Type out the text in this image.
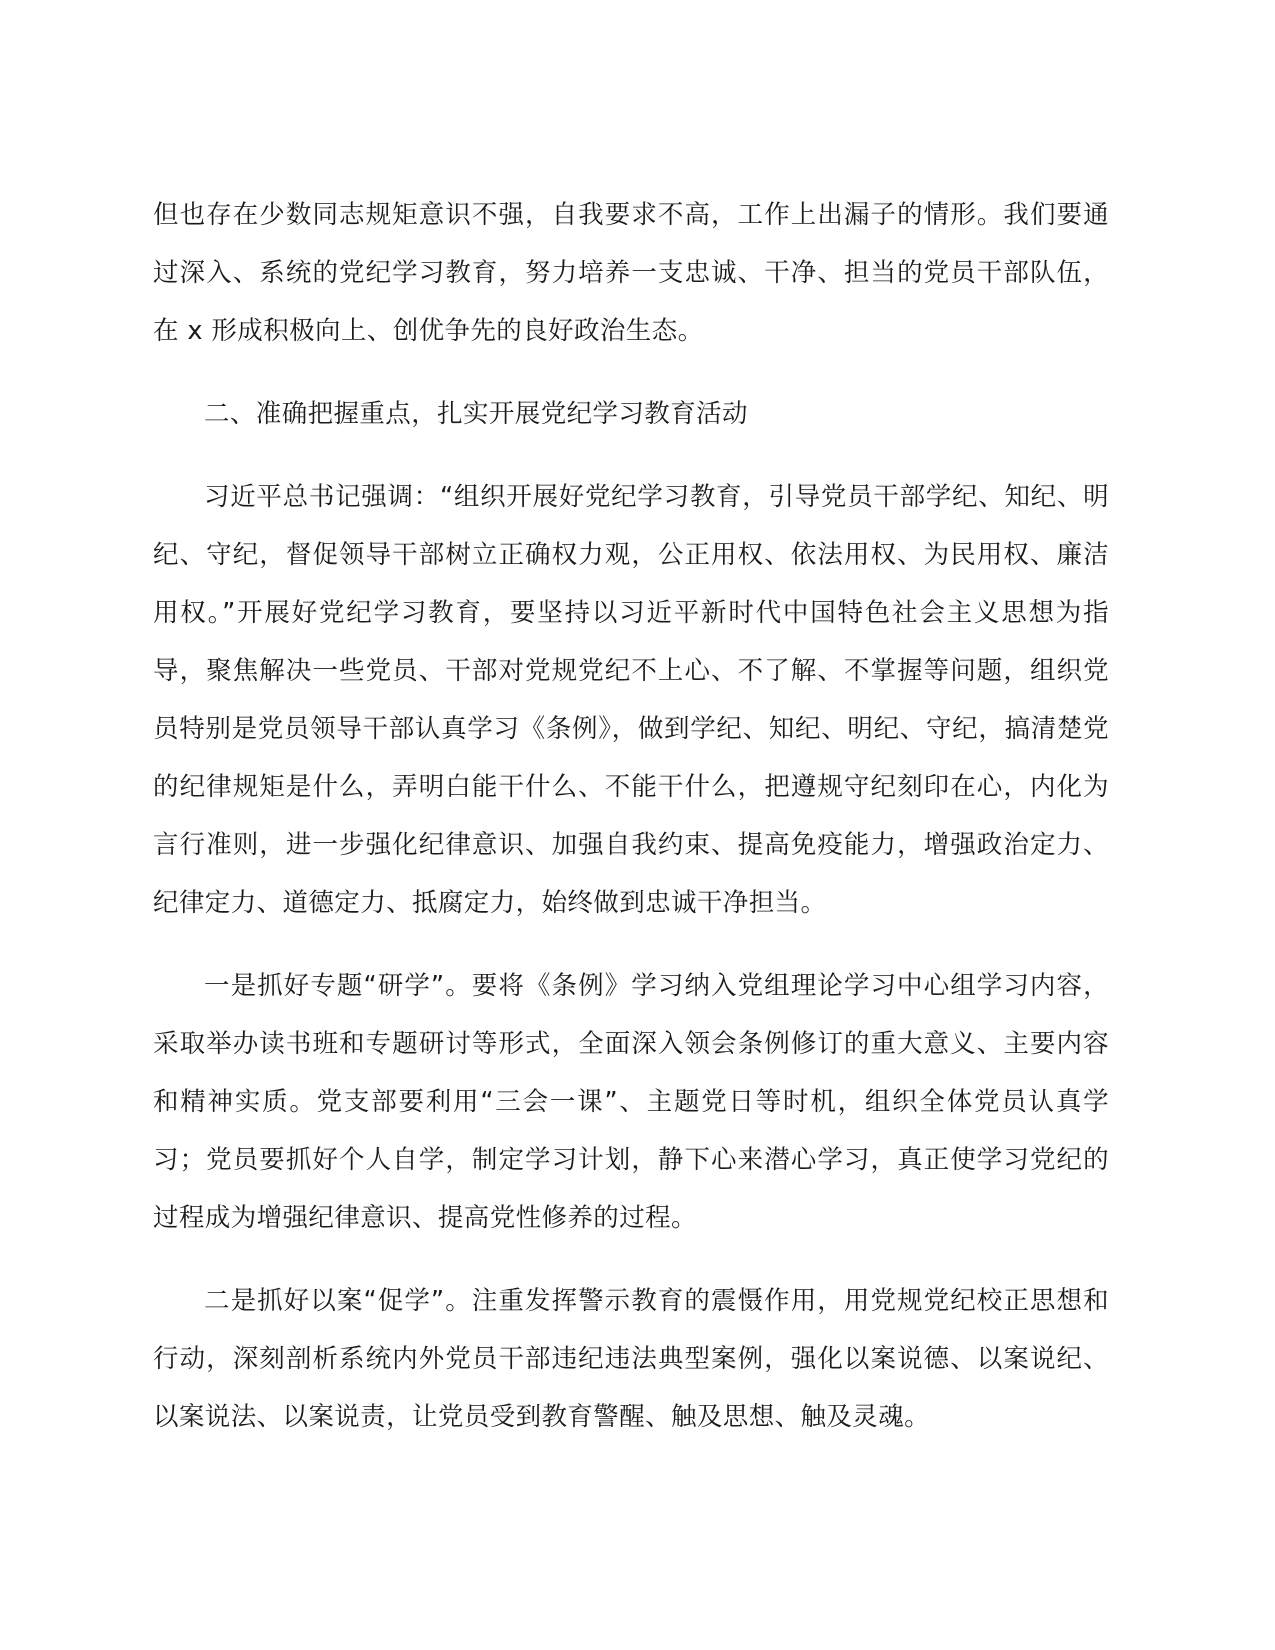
但也存在少数同志规矩意识不强，自我要求不高，工作上出漏子的情形。我们要通过深入、系统的党纪学习教育，努力培养一支忠诚、干净、担当的党员干部队伍，在 x 形成积极向上、创优争先的良好政治生态。

二、准确把握重点，扎实开展党纪学习教育活动

习近平总书记强调：“组织开展好党纪学习教育，引导党员干部学纪、知纪、明纪、守纪，督促领导干部树立正确权力观，公正用权、依法用权、为民用权、廉洁用权。”开展好党纪学习教育，要坚持以习近平新时代中国特色社会主义思想为指导，聚焦解决一些党员、干部对党规党纪不上心、不了解、不掌握等问题，组织党员特别是党员领导干部认真学习《条例》，做到学纪、知纪、明纪、守纪，搞清楚党的纪律规矩是什么，弄明白能干什么、不能干什么，把遵规守纪刻印在心，内化为言行准则，进一步强化纪律意识、加强自我约束、提高免疫能力，增强政治定力、纪律定力、道德定力、抵腐定力，始终做到忠诚干净担当。

一是抓好专题“研学”。要将《条例》学习纳入党组理论学习中心组学习内容，采取举办读书班和专题研讨等形式，全面深入领会条例修订的重大意义、主要内容和精神实质。党支部要利用“三会一课”、主题党日等时机，组织全体党员认真学习；党员要抓好个人自学，制定学习计划，静下心来潜心学习，真正使学习党纪的过程成为增强纪律意识、提高党性修养的过程。

二是抓好以案“促学”。注重发挥警示教育的震慑作用，用党规党纪校正思想和行动，深刻剖析系统内外党员干部违纪违法典型案例，强化以案说德、以案说纪、以案说法、以案说责，让党员受到教育警醒、触及思想、触及灵魂。
